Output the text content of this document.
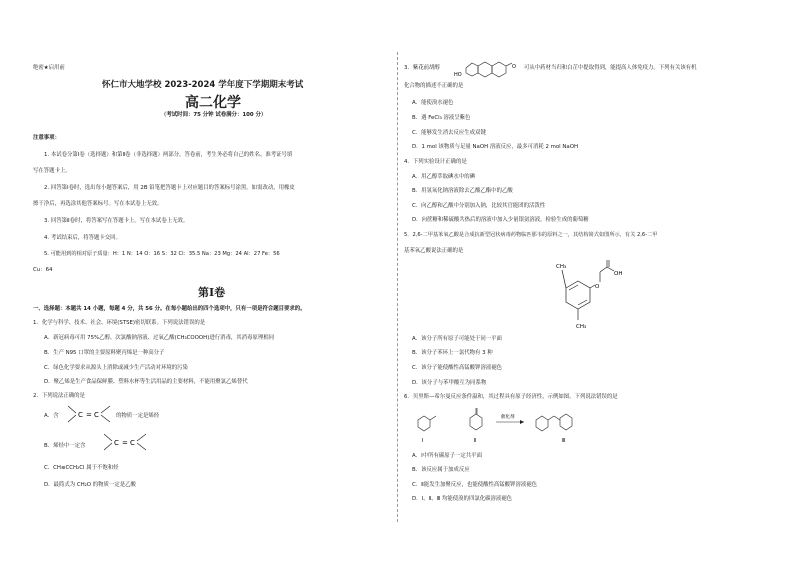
绝密★启用前
怀仁市大地学校 2023-2024 学年度下学期期末考试
高二化学
（考试时间：75 分钟 试卷满分：100 分）
注意事项：
1. 本试卷分第Ⅰ卷（选择题）和第Ⅱ卷（非选择题）两部分。答卷前，考生务必将自己的姓名、准考证号填
写在答题卡上。
2. 回答第Ⅰ卷时，选出每小题答案后，用 2B 铅笔把答题卡上对应题目的答案标号涂黑。如需改动，用橡皮
擦干净后，再选涂其他答案标号。写在本试卷上无效。
3. 回答第Ⅱ卷时，将答案写在答题卡上。写在本试卷上无效。
4. 考试结束后，将答题卡交回。
5. 可能用到的相对原子质量：H：1 N：14 O：16 S：32 Cl：35.5 Na：23 Mg：24 Al：27 Fe：56
Cu：64
第Ⅰ卷
一、选择题：本题共 14 小题，每题 4 分，共 56 分。在每小题给出的四个选项中，只有一项是符合题目要求的。
1．化学与科学、技术、社会、环境(STSE)密切联系。下列说法错误的是
A．新冠病毒可用 75%乙醇、次氯酸钠溶液、过氧乙酸(CH₃COOOH)进行消毒，其消毒原理相同
B．生产 N95 口罩的主要原料聚丙烯是一种高分子
C．绿色化学要求从源头上消除或减少生产活动对环境的污染
D．聚乙烯是生产食品保鲜膜、塑料水杯等生活用品的主要材料，不能用聚氯乙烯替代
2．下列说法正确的是
A．含	C = C	的物质一定是烯烃
B．烯烃中一定含	C = C
C．CH≡CCH₂Cl 属于不饱和烃
D．最简式为 CH₂O 的物质一定是乙酸
3．紫花前胡醇
HO
O 可从中药材当归和白芷中提取得到，能提高人体免疫力。下列有关该有机
化合物的描述不正确的是
A．能使溴水褪色
B．遇 FeCl₃ 溶液呈紫色
C．能够发生消去反应生成双键
D．1 mol 该物质与足量 NaOH 溶液反应，最多可消耗 2 mol NaOH
4．下列实验设计正确的是
A．用乙醇萃取碘水中的碘
B．用氢氧化钠溶液除去乙酸乙酯中的乙酸
C．向乙醇和乙酸中分别加入钠，比较其官能团的活泼性
D．向蔗糖和稀硫酸共热后的溶液中加入少量银氨溶液，检验生成的葡萄糖
5．2,6-二甲基苯氧乙酸是合成抗新型冠状病毒药物临匹那韦的原料之一，其结构简式如图所示，有关 2,6-二甲
基苯氧乙酸说法正确的是
CH₃
CH₃
O
OH
A．该分子所有原子可能处于同一平面
B．该分子苯环上一氯代物有 3 种
C．该分子能使酸性高锰酸钾溶液褪色
D．该分子与苯甲酸互为同系物
6．贝里斯—希尔曼反应条件温和，其过程具有原子经济性，示例如图。下列说法错误的是
Ⅰ	Ⅱ
催化剂
Ⅲ
A．Ⅰ中所有碳原子一定共平面
B．该反应属于加成反应
C．Ⅱ能发生加聚反应，也能使酸性高锰酸钾溶液褪色
D．Ⅰ、Ⅱ、Ⅲ 均能使溴的四氯化碳溶液褪色
